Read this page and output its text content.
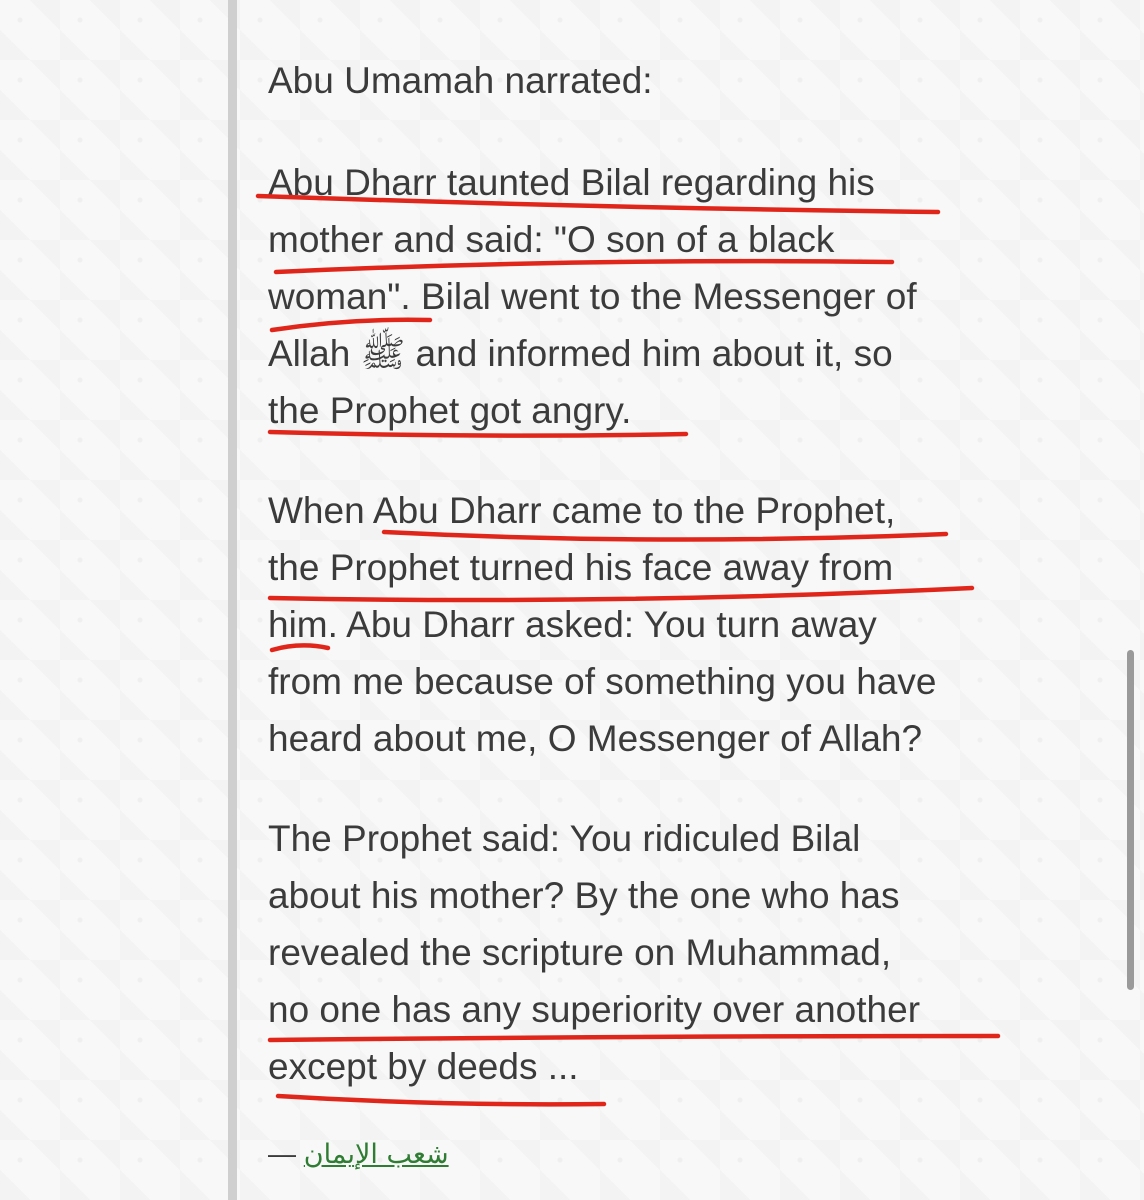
Abu Umamah narrated:
Abu Dharr taunted Bilal regarding his
mother and said: "O son of a black
woman". Bilal went to the Messenger of
Allah ﷺ and informed him about it, so
the Prophet got angry.
When Abu Dharr came to the Prophet,
the Prophet turned his face away from
him. Abu Dharr asked: You turn away
from me because of something you have
heard about me, O Messenger of Allah?
The Prophet said: You ridiculed Bilal
about his mother? By the one who has
revealed the scripture on Muhammad,
no one has any superiority over another
except by deeds ...
— شعب الإيمان
